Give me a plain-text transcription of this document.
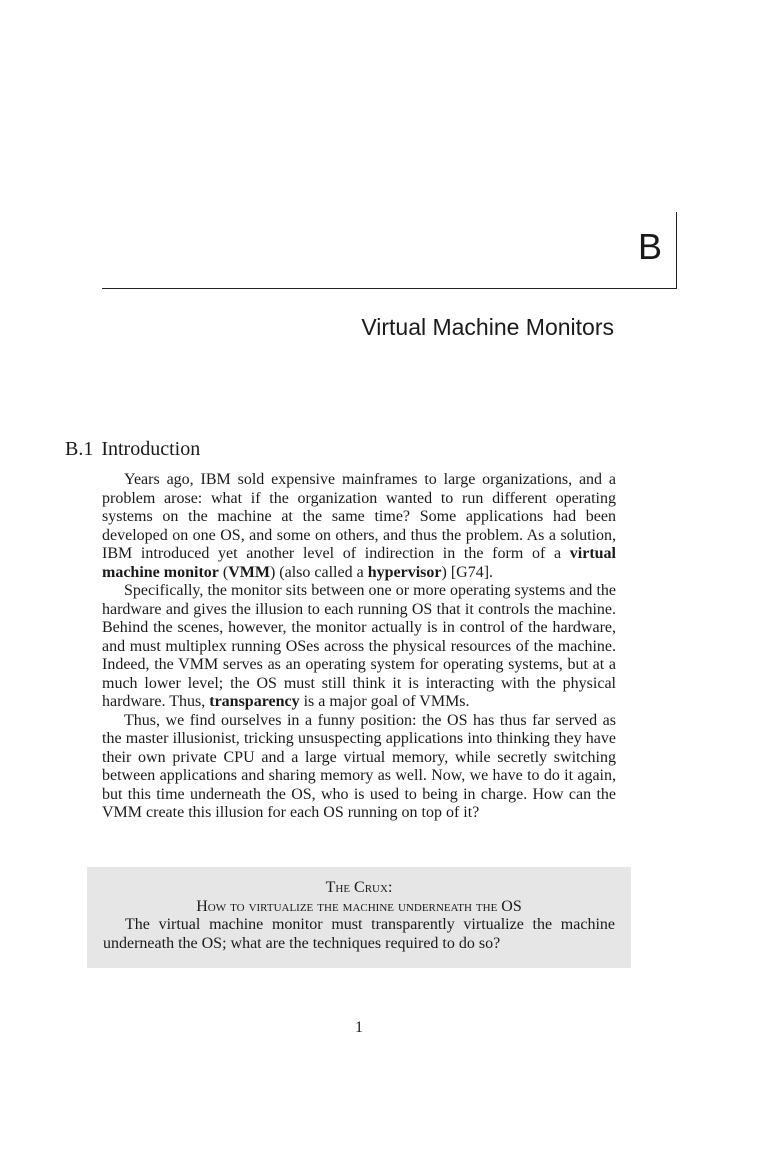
B
Virtual Machine Monitors
B.1 Introduction

Years ago, IBM sold expensive mainframes to large organizations, and a problem arose: what if the organization wanted to run different operating systems on the machine at the same time? Some applications had been developed on one OS, and some on others, and thus the problem. As a solution, IBM introduced yet another level of indirection in the form of a virtual machine monitor (VMM) (also called a hypervisor) [G74].

Specifically, the monitor sits between one or more operating systems and the hardware and gives the illusion to each running OS that it controls the machine. Behind the scenes, however, the monitor actually is in control of the hardware, and must multiplex running OSes across the physical resources of the machine. Indeed, the VMM serves as an operating system for operating systems, but at a much lower level; the OS must still think it is interacting with the physical hardware. Thus, transparency is a major goal of VMMs.

Thus, we find ourselves in a funny position: the OS has thus far served as the master illusionist, tricking unsuspecting applications into thinking they have their own private CPU and a large virtual memory, while secretly switching between applications and sharing memory as well. Now, we have to do it again, but this time underneath the OS, who is used to being in charge. How can the VMM create this illusion for each OS running on top of it?

The Crux:
How to virtualize the machine underneath the OS
The virtual machine monitor must transparently virtualize the machine underneath the OS; what are the techniques required to do so?
1
